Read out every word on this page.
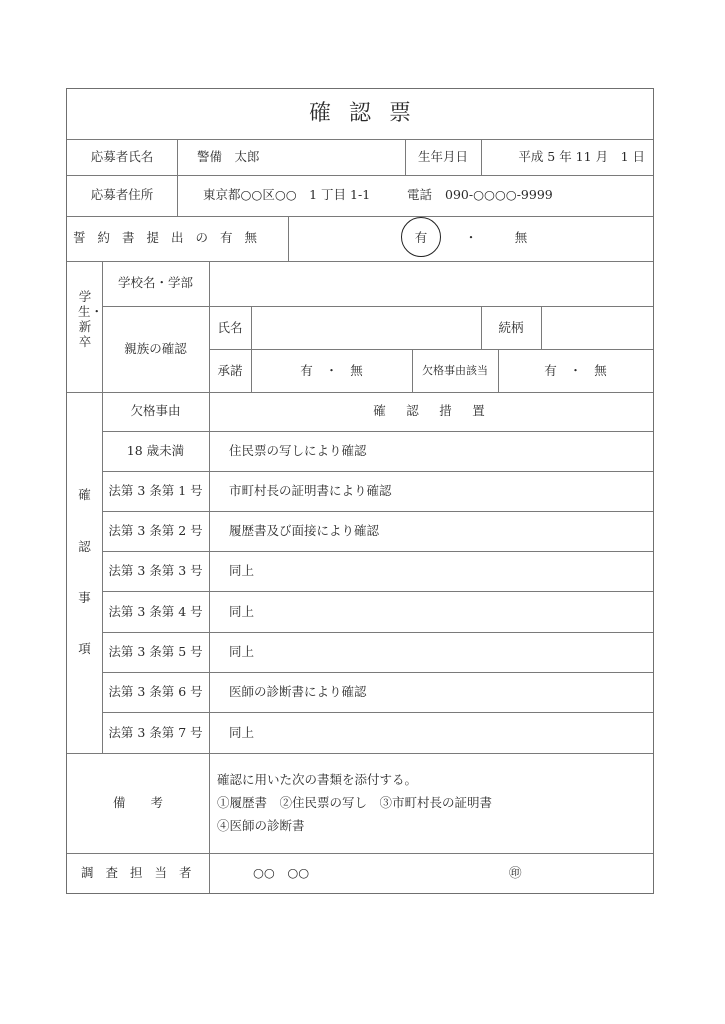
確認票
応募者氏名	警備　太郎	生年月日	平成 5 年 11 月　1 日
応募者住所	東京都○○区○○　1 丁目 1-1	電話 090-○○○○-9999
誓約書提出の有無	有	・	無
学生・新卒
学校名・学部
親族の確認
氏名	続柄
承諾	有　・　無	欠格事由該当	有　・　無
確
認
事
項
欠格事由	確　認　措　置
18 歳未満	住民票の写しにより確認
法第 3 条第 1 号	市町村長の証明書により確認
法第 3 条第 2 号	履歴書及び面接により確認
法第 3 条第 3 号	同上
法第 3 条第 4 号	同上
法第 3 条第 5 号	同上
法第 3 条第 6 号	医師の診断書により確認
法第 3 条第 7 号	同上
備　　考
確認に用いた次の書類を添付する。
①履歴書　②住民票の写し　③市町村長の証明書
④医師の診断書
調査担当者	○○　○○	㊞
